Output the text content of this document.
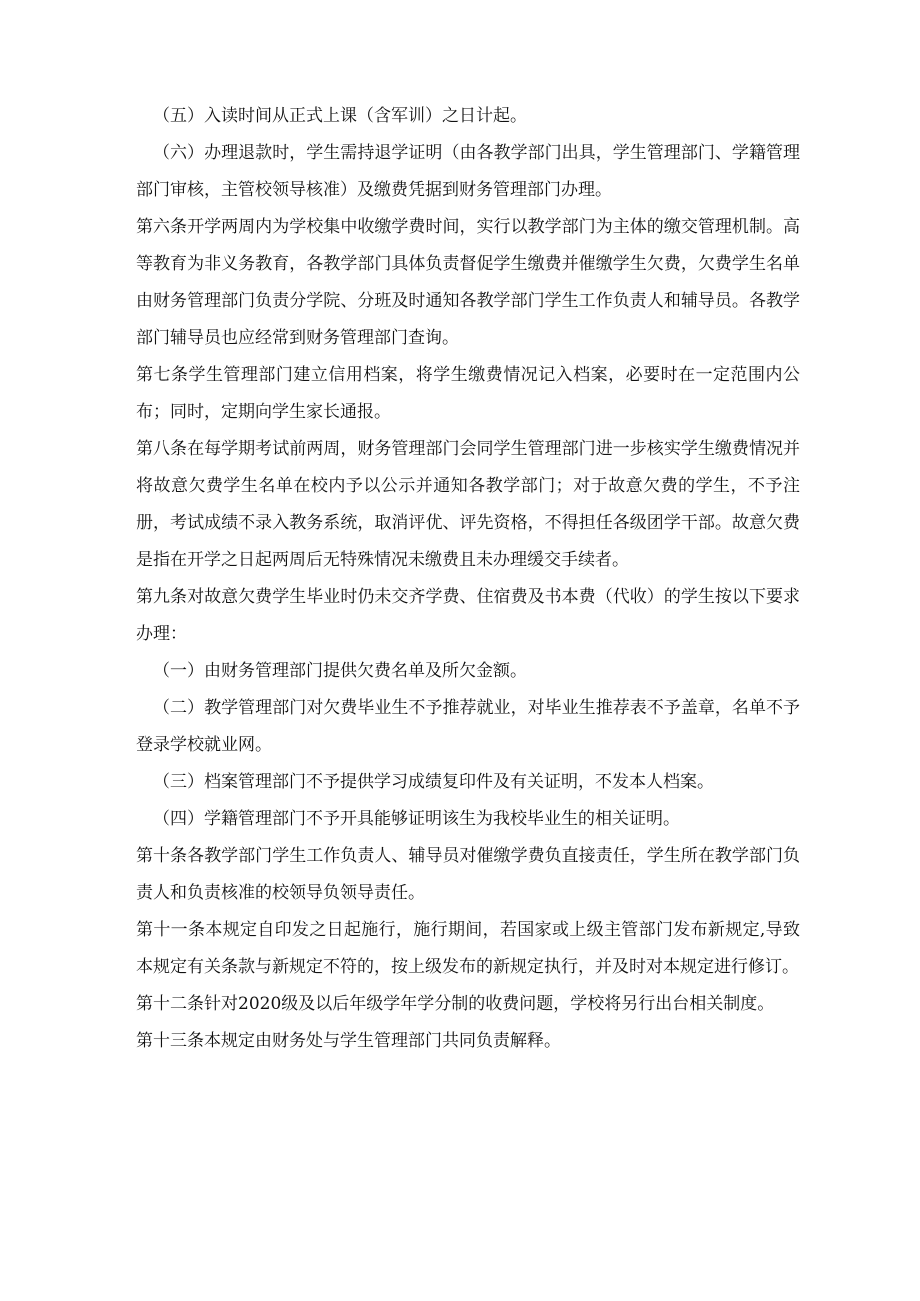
（五）入读时间从正式上课（含军训）之日计起。

（六）办理退款时，学生需持退学证明（由各教学部门出具，学生管理部门、学籍管理部门审核，主管校领导核准）及缴费凭据到财务管理部门办理。

第六条开学两周内为学校集中收缴学费时间，实行以教学部门为主体的缴交管理机制。高等教育为非义务教育，各教学部门具体负责督促学生缴费并催缴学生欠费，欠费学生名单由财务管理部门负责分学院、分班及时通知各教学部门学生工作负责人和辅导员。各教学部门辅导员也应经常到财务管理部门查询。

第七条学生管理部门建立信用档案，将学生缴费情况记入档案，必要时在一定范围内公布；同时，定期向学生家长通报。

第八条在每学期考试前两周，财务管理部门会同学生管理部门进一步核实学生缴费情况并将故意欠费学生名单在校内予以公示并通知各教学部门；对于故意欠费的学生，不予注册，考试成绩不录入教务系统，取消评优、评先资格，不得担任各级团学干部。故意欠费是指在开学之日起两周后无特殊情况未缴费且未办理缓交手续者。

第九条对故意欠费学生毕业时仍未交齐学费、住宿费及书本费（代收）的学生按以下要求办理：

（一）由财务管理部门提供欠费名单及所欠金额。

（二）教学管理部门对欠费毕业生不予推荐就业，对毕业生推荐表不予盖章，名单不予登录学校就业网。

（三）档案管理部门不予提供学习成绩复印件及有关证明，不发本人档案。

（四）学籍管理部门不予开具能够证明该生为我校毕业生的相关证明。

第十条各教学部门学生工作负责人、辅导员对催缴学费负直接责任，学生所在教学部门负责人和负责核准的校领导负领导责任。

第十一条本规定自印发之日起施行，施行期间，若国家或上级主管部门发布新规定,导致本规定有关条款与新规定不符的，按上级发布的新规定执行，并及时对本规定进行修订。

第十二条针对2020级及以后年级学年学分制的收费问题，学校将另行出台相关制度。

第十三条本规定由财务处与学生管理部门共同负责解释。
